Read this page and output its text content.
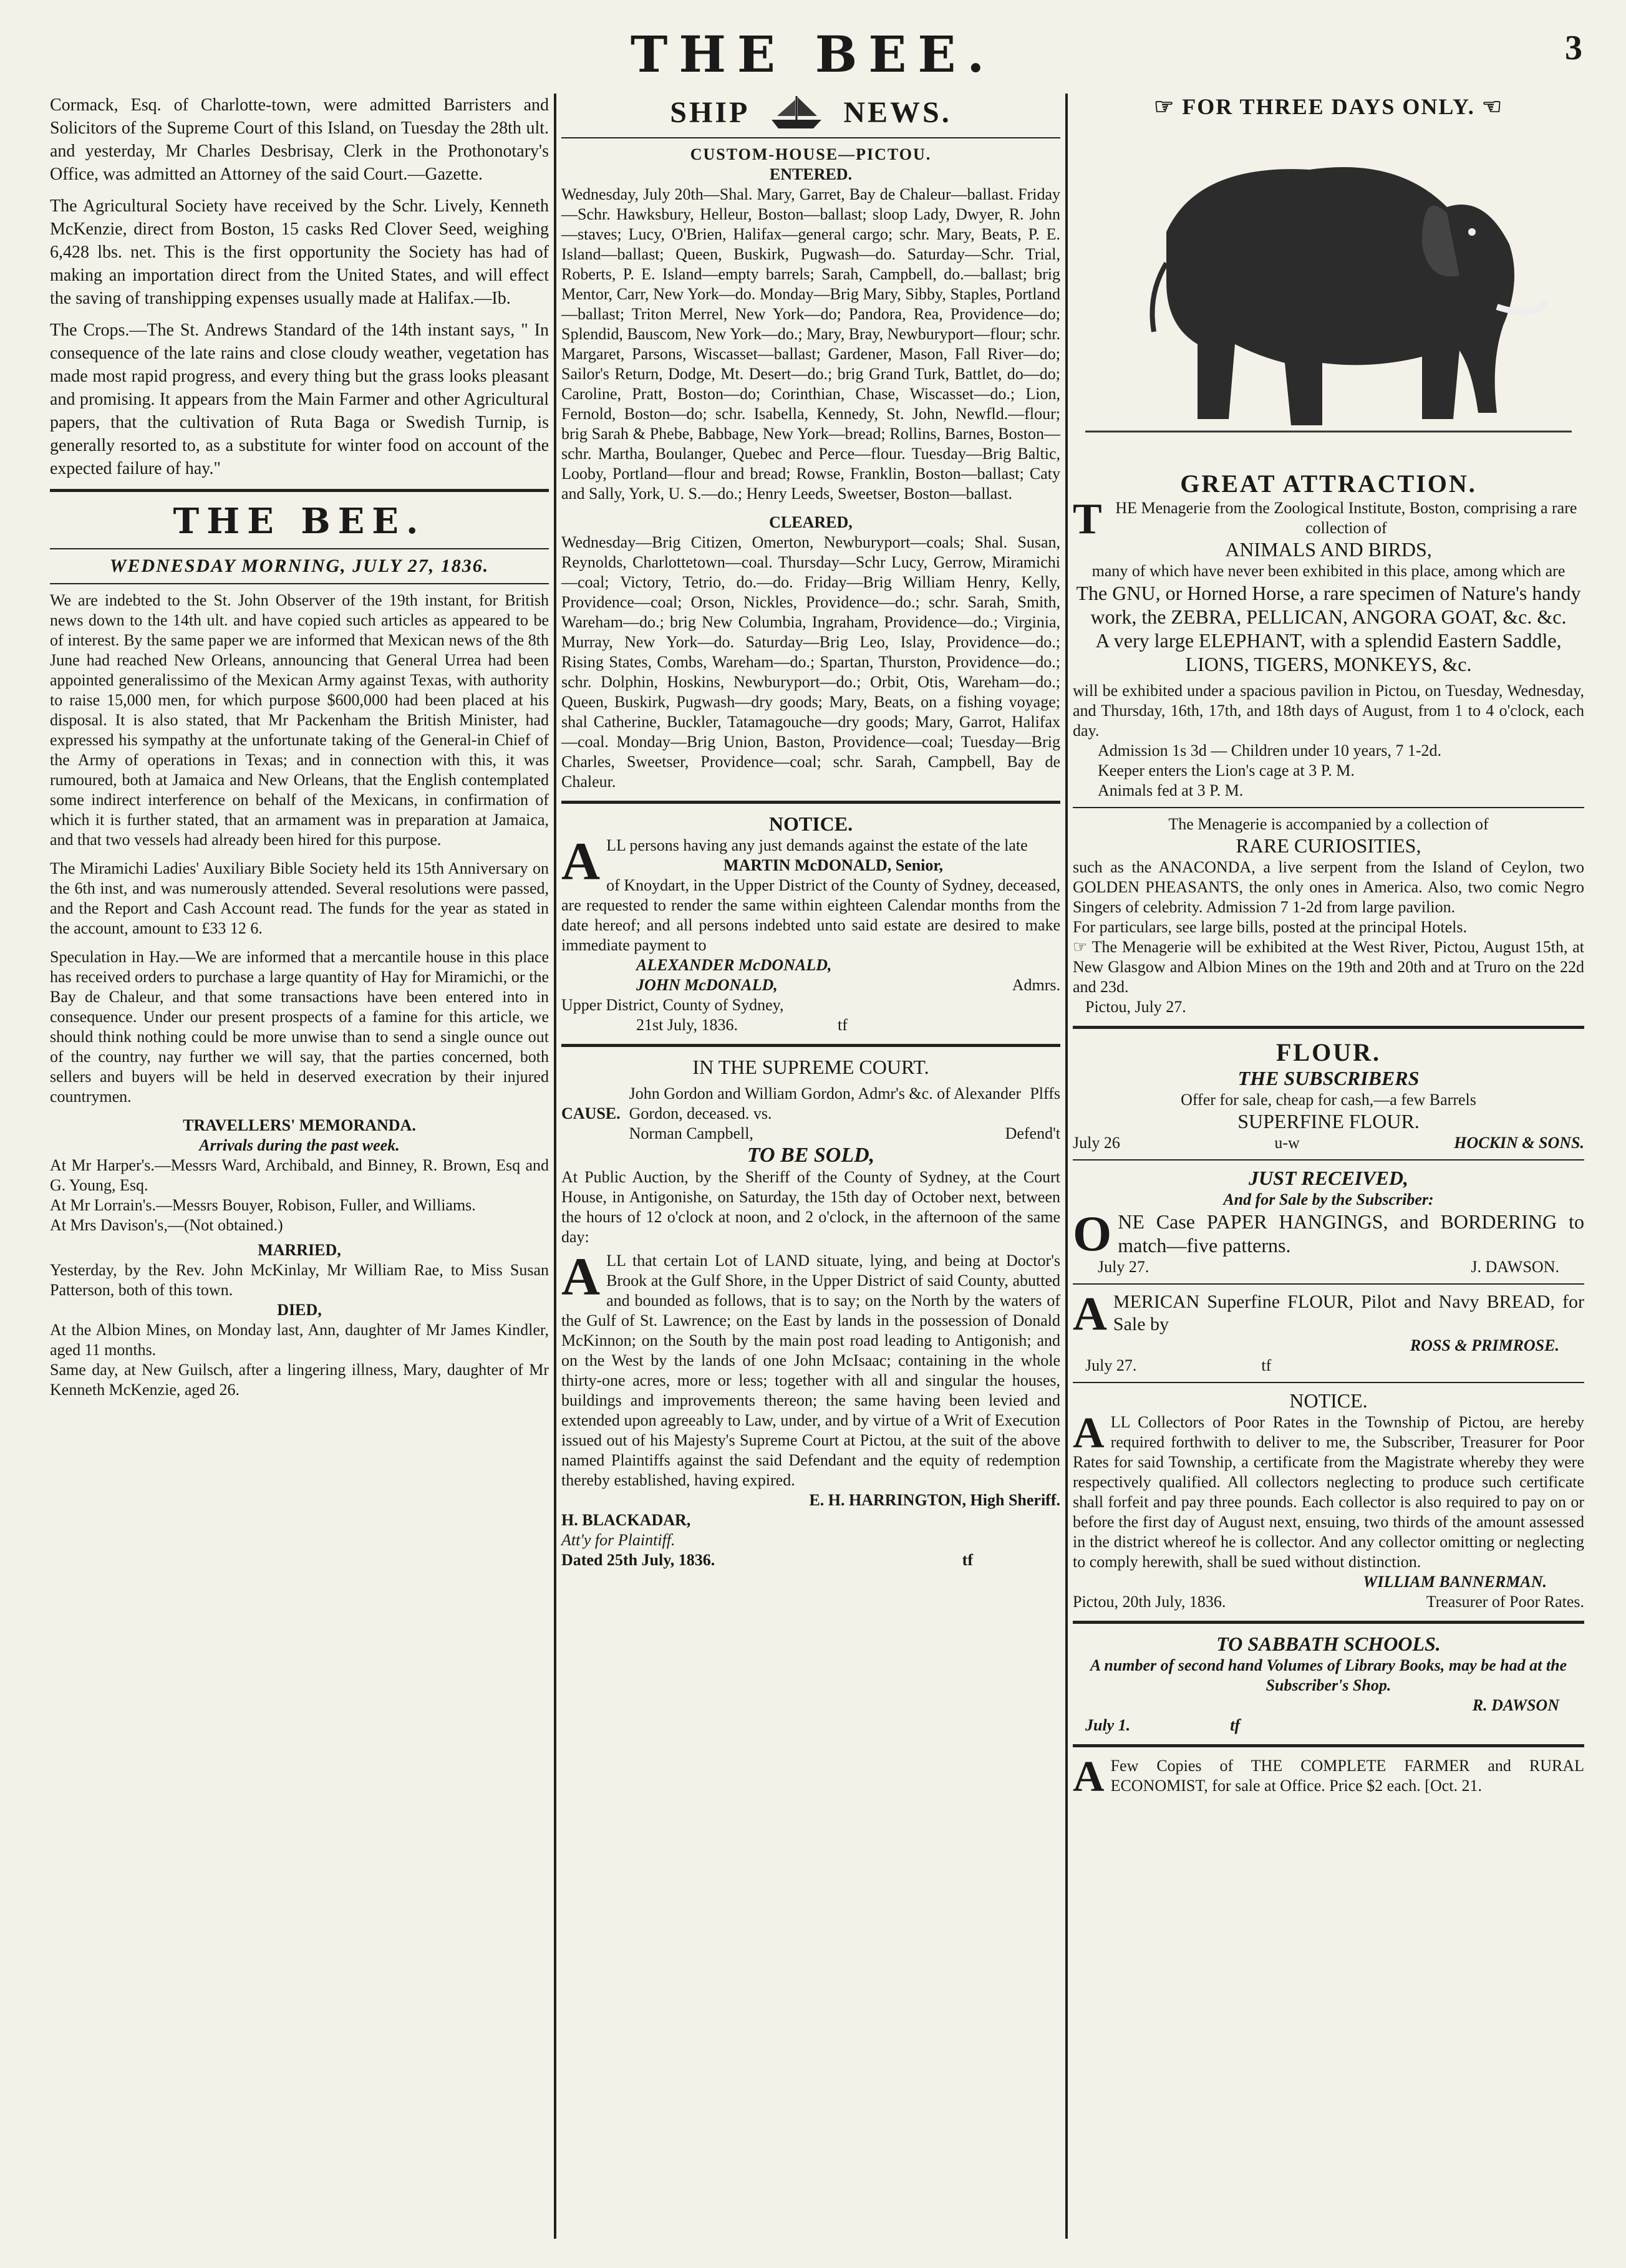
THE BEE.	3

Cormack, Esq. of Charlotte-town, were admitted Barristers and Solicitors of the Supreme Court of this Island, on Tuesday the 28th ult. and yesterday, Mr Charles Desbrisay, Clerk in the Prothonotary's Office, was admitted an Attorney of the said Court.—Gazette.

The Agricultural Society have received by the Schr. Lively, Kenneth McKenzie, direct from Boston, 15 casks Red Clover Seed, weighing 6,428 lbs. net. This is the first opportunity the Society has had of making an importation direct from the United States, and will effect the saving of transhipping expenses usually made at Halifax.—Ib.

The Crops.—The St. Andrews Standard of the 14th instant says, " In consequence of the late rains and close cloudy weather, vegetation has made most rapid progress, and every thing but the grass looks pleasant and promising. It appears from the Main Farmer and other Agricultural papers, that the cultivation of Ruta Baga or Swedish Turnip, is generally resorted to, as a substitute for winter food on account of the expected failure of hay."

THE BEE.
WEDNESDAY MORNING, JULY 27, 1836.

We are indebted to the St. John Observer of the 19th instant, for British news down to the 14th ult. and have copied such articles as appeared to be of interest. By the same paper we are informed that Mexican news of the 8th June had reached New Orleans, announcing that General Urrea had been appointed generalissimo of the Mexican Army against Texas, with authority to raise 15,000 men, for which purpose $600,000 had been placed at his disposal. It is also stated, that Mr Packenham the British Minister, had expressed his sympathy at the unfortunate taking of the General-in Chief of the Army of operations in Texas; and in connection with this, it was rumoured, both at Jamaica and New Orleans, that the English contemplated some indirect interference on behalf of the Mexicans, in confirmation of which it is further stated, that an armament was in preparation at Jamaica, and that two vessels had already been hired for this purpose.

The Miramichi Ladies' Auxiliary Bible Society held its 15th Anniversary on the 6th inst, and was numerously attended. Several resolutions were passed, and the Report and Cash Account read. The funds for the year as stated in the account, amount to £33 12 6.

Speculation in Hay.—We are informed that a mercantile house in this place has received orders to purchase a large quantity of Hay for Miramichi, or the Bay de Chaleur, and that some transactions have been entered into in consequence. Under our present prospects of a famine for this article, we should think nothing could be more unwise than to send a single ounce out of the country, nay further we will say, that the parties concerned, both sellers and buyers will be held in deserved execration by their injured countrymen.

TRAVELLERS' MEMORANDA.
Arrivals during the past week.

At Mr Harper's.—Messrs Ward, Archibald, and Binney, R. Brown, Esq and G. Young, Esq.

At Mr Lorrain's.—Messrs Bouyer, Robison, Fuller, and Williams.

At Mrs Davison's,—(Not obtained.)

MARRIED,

Yesterday, by the Rev. John McKinlay, Mr William Rae, to Miss Susan Patterson, both of this town.

DIED,

At the Albion Mines, on Monday last, Ann, daughter of Mr James Kindler, aged 11 months.

Same day, at New Guilsch, after a lingering illness, Mary, daughter of Mr Kenneth McKenzie, aged 26.

SHIP	NEWS.
CUSTOM-HOUSE—PICTOU.
ENTERED.

Wednesday, July 20th—Shal. Mary, Garret, Bay de Chaleur—ballast. Friday—Schr. Hawksbury, Helleur, Boston—ballast; sloop Lady, Dwyer, R. John—staves; Lucy, O'Brien, Halifax—general cargo; schr. Mary, Beats, P. E. Island—ballast; Queen, Buskirk, Pugwash—do. Saturday—Schr. Trial, Roberts, P. E. Island—empty barrels; Sarah, Campbell, do.—ballast; brig Mentor, Carr, New York—do. Monday—Brig Mary, Sibby, Staples, Portland—ballast; Triton Merrel, New York—do; Pandora, Rea, Providence—do; Splendid, Bauscom, New York—do.; Mary, Bray, Newburyport—flour; schr. Margaret, Parsons, Wiscasset—ballast; Gardener, Mason, Fall River—do; Sailor's Return, Dodge, Mt. Desert—do.; brig Grand Turk, Battlet, do—do; Caroline, Pratt, Boston—do; Corinthian, Chase, Wiscasset—do.; Lion, Fernold, Boston—do; schr. Isabella, Kennedy, St. John, Newfld.—flour; brig Sarah & Phebe, Babbage, New York—bread; Rollins, Barnes, Boston—schr. Martha, Boulanger, Quebec and Perce—flour. Tuesday—Brig Baltic, Looby, Portland—flour and bread; Rowse, Franklin, Boston—ballast; Caty and Sally, York, U. S.—do.; Henry Leeds, Sweetser, Boston—ballast.

CLEARED,

Wednesday—Brig Citizen, Omerton, Newburyport—coals; Shal. Susan, Reynolds, Charlottetown—coal. Thursday—Schr Lucy, Gerrow, Miramichi—coal; Victory, Tetrio, do.—do. Friday—Brig William Henry, Kelly, Providence—coal; Orson, Nickles, Providence—do.; schr. Sarah, Smith, Wareham—do.; brig New Columbia, Ingraham, Providence—do.; Virginia, Murray, New York—do. Saturday—Brig Leo, Islay, Providence—do.; Rising States, Combs, Wareham—do.; Spartan, Thurston, Providence—do.; schr. Dolphin, Hoskins, Newburyport—do.; Orbit, Otis, Wareham—do.; Queen, Buskirk, Pugwash—dry goods; Mary, Beats, on a fishing voyage; shal Catherine, Buckler, Tatamagouche—dry goods; Mary, Garrot, Halifax—coal. Monday—Brig Union, Baston, Providence—coal; Tuesday—Brig Charles, Sweetser, Providence—coal; schr. Sarah, Campbell, Bay de Chaleur.

NOTICE.

ALL persons having any just demands against the estate of the late

MARTIN McDONALD, Senior,

of Knoydart, in the Upper District of the County of Sydney, deceased, are requested to render the same within eighteen Calendar months from the date hereof; and all persons indebted unto said estate are desired to make immediate payment to

ALEXANDER McDONALD,
JOHN McDONALD,	Admrs.
Upper District, County of Sydney,
21st July, 1836.	tf
IN THE SUPREME COURT.
CAUSE.
John Gordon and William Gordon, Admr's &c. of Alexander Gordon, deceased. vs.
Plffs
Norman Campbell,	Defend't
TO BE SOLD,

At Public Auction, by the Sheriff of the County of Sydney, at the Court House, in Antigonishe, on Saturday, the 15th day of October next, between the hours of 12 o'clock at noon, and 2 o'clock, in the afternoon of the same day:

ALL that certain Lot of LAND situate, lying, and being at Doctor's Brook at the Gulf Shore, in the Upper District of said County, abutted and bounded as follows, that is to say; on the North by the waters of the Gulf of St. Lawrence; on the East by lands in the possession of Donald McKinnon; on the South by the main post road leading to Antigonish; and on the West by the lands of one John McIsaac; containing in the whole thirty-one acres, more or less; together with all and singular the houses, buildings and improvements thereon; the same having been levied and extended upon agreeably to Law, under, and by virtue of a Writ of Execution issued out of his Majesty's Supreme Court at Pictou, at the suit of the above named Plaintiffs against the said Defendant and the equity of redemption thereby established, having expired.

E. H. HARRINGTON, High Sheriff.
H. BLACKADAR,
Att'y for Plaintiff.
Dated 25th July, 1836.	tf
☞ FOR THREE DAYS ONLY. ☜
GREAT ATTRACTION.

THE Menagerie from the Zoological Institute, Boston, comprising a rare collection of

ANIMALS AND BIRDS,
many of which have never been exhibited in this place, among which are
The GNU, or Horned Horse, a rare specimen of Nature's handy work, the ZEBRA, PELLICAN, ANGORA GOAT, &c. &c.
A very large ELEPHANT, with a splendid Eastern Saddle, LIONS, TIGERS, MONKEYS, &c.

will be exhibited under a spacious pavilion in Pictou, on Tuesday, Wednesday, and Thursday, 16th, 17th, and 18th days of August, from 1 to 4 o'clock, each day.

Admission 1s 3d — Children under 10 years, 7 1-2d.
Keeper enters the Lion's cage at 3 P. M.
Animals fed at 3 P. M.
The Menagerie is accompanied by a collection of
RARE CURIOSITIES,

such as the ANACONDA, a live serpent from the Island of Ceylon, two GOLDEN PHEASANTS, the only ones in America. Also, two comic Negro Singers of celebrity. Admission 7 1-2d from large pavilion.

For particulars, see large bills, posted at the principal Hotels.

☞ The Menagerie will be exhibited at the West River, Pictou, August 15th, at New Glasgow and Albion Mines on the 19th and 20th and at Truro on the 22d and 23d.

Pictou, July 27.
FLOUR.
THE SUBSCRIBERS
Offer for sale, cheap for cash,—a few Barrels
SUPERFINE FLOUR.
July 26	u-w	HOCKIN & SONS.
JUST RECEIVED,
And for Sale by the Subscriber:

ONE Case PAPER HANGINGS, and BORDERING to match—five patterns.

July 27.	J. DAWSON.

AMERICAN Superfine FLOUR, Pilot and Navy BREAD, for Sale by

ROSS & PRIMROSE.
July 27.	tf
NOTICE.

ALL Collectors of Poor Rates in the Township of Pictou, are hereby required forthwith to deliver to me, the Subscriber, Treasurer for Poor Rates for said Township, a certificate from the Magistrate whereby they were respectively qualified. All collectors neglecting to produce such certificate shall forfeit and pay three pounds. Each collector is also required to pay on or before the first day of August next, ensuing, two thirds of the amount assessed in the district whereof he is collector. And any collector omitting or neglecting to comply herewith, shall be sued without distinction.

WILLIAM BANNERMAN.
Pictou, 20th July, 1836.	Treasurer of Poor Rates.
TO SABBATH SCHOOLS.
A number of second hand Volumes of Library Books, may be had at the Subscriber's Shop.
R. DAWSON
July 1.	tf

A Few Copies of THE COMPLETE FARMER and RURAL ECONOMIST, for sale at Office. Price $2 each. [Oct. 21.
